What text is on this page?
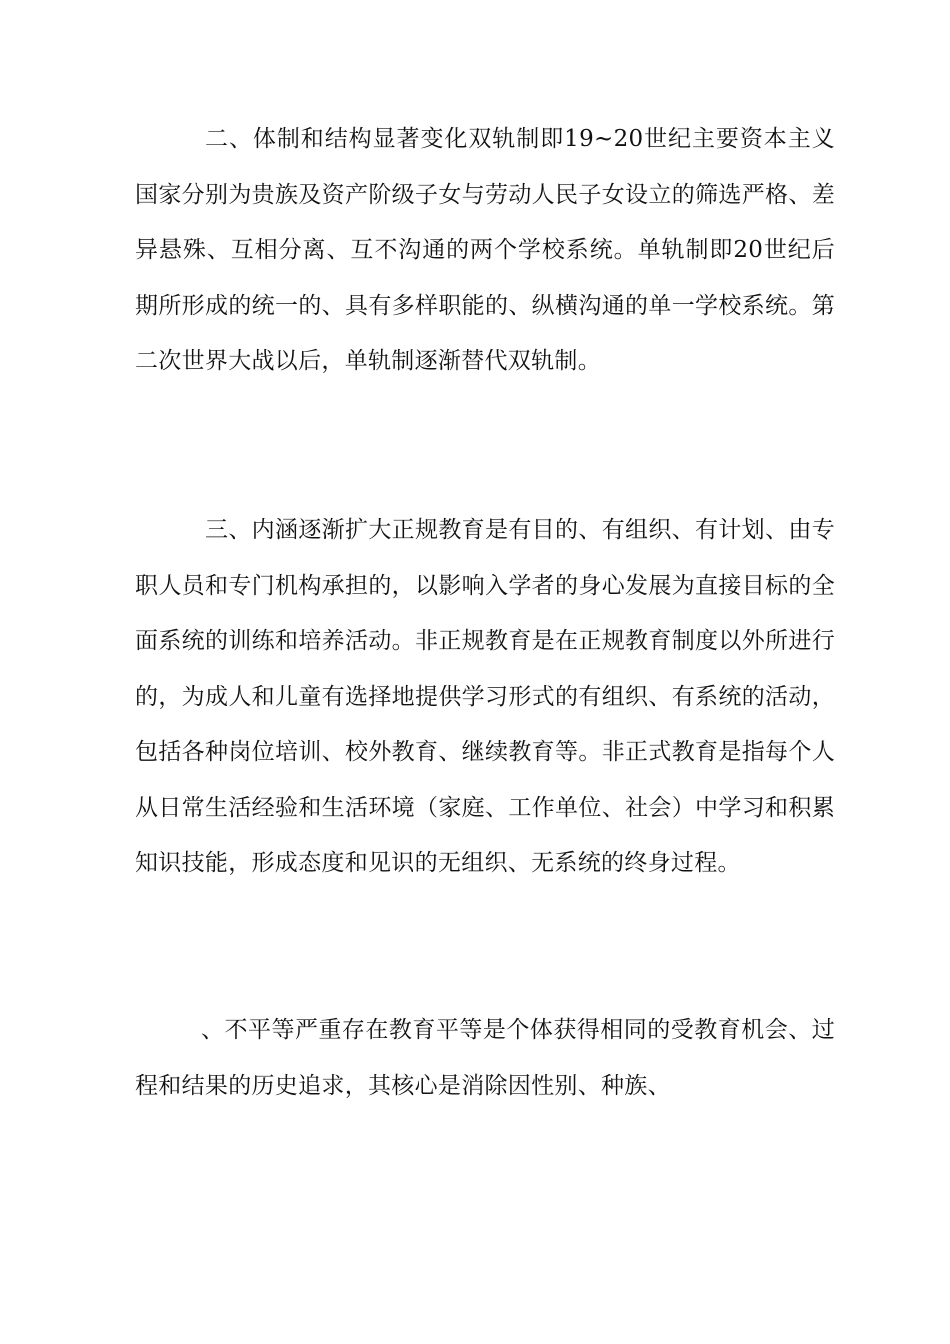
二、体制和结构显著变化双轨制即19~20世纪主要资本主义国家分别为贵族及资产阶级子女与劳动人民子女设立的筛选严格、差异悬殊、互相分离、互不沟通的两个学校系统。单轨制即20世纪后期所形成的统一的、具有多样职能的、纵横沟通的单一学校系统。第二次世界大战以后，单轨制逐渐替代双轨制。

三、内涵逐渐扩大正规教育是有目的、有组织、有计划、由专职人员和专门机构承担的，以影响入学者的身心发展为直接目标的全面系统的训练和培养活动。非正规教育是在正规教育制度以外所进行的，为成人和儿童有选择地提供学习形式的有组织、有系统的活动，包括各种岗位培训、校外教育、继续教育等。非正式教育是指每个人从日常生活经验和生活环境（家庭、工作单位、社会）中学习和积累知识技能，形成态度和见识的无组织、无系统的终身过程。

、不平等严重存在教育平等是个体获得相同的受教育机会、过程和结果的历史追求，其核心是消除因性别、种族、
